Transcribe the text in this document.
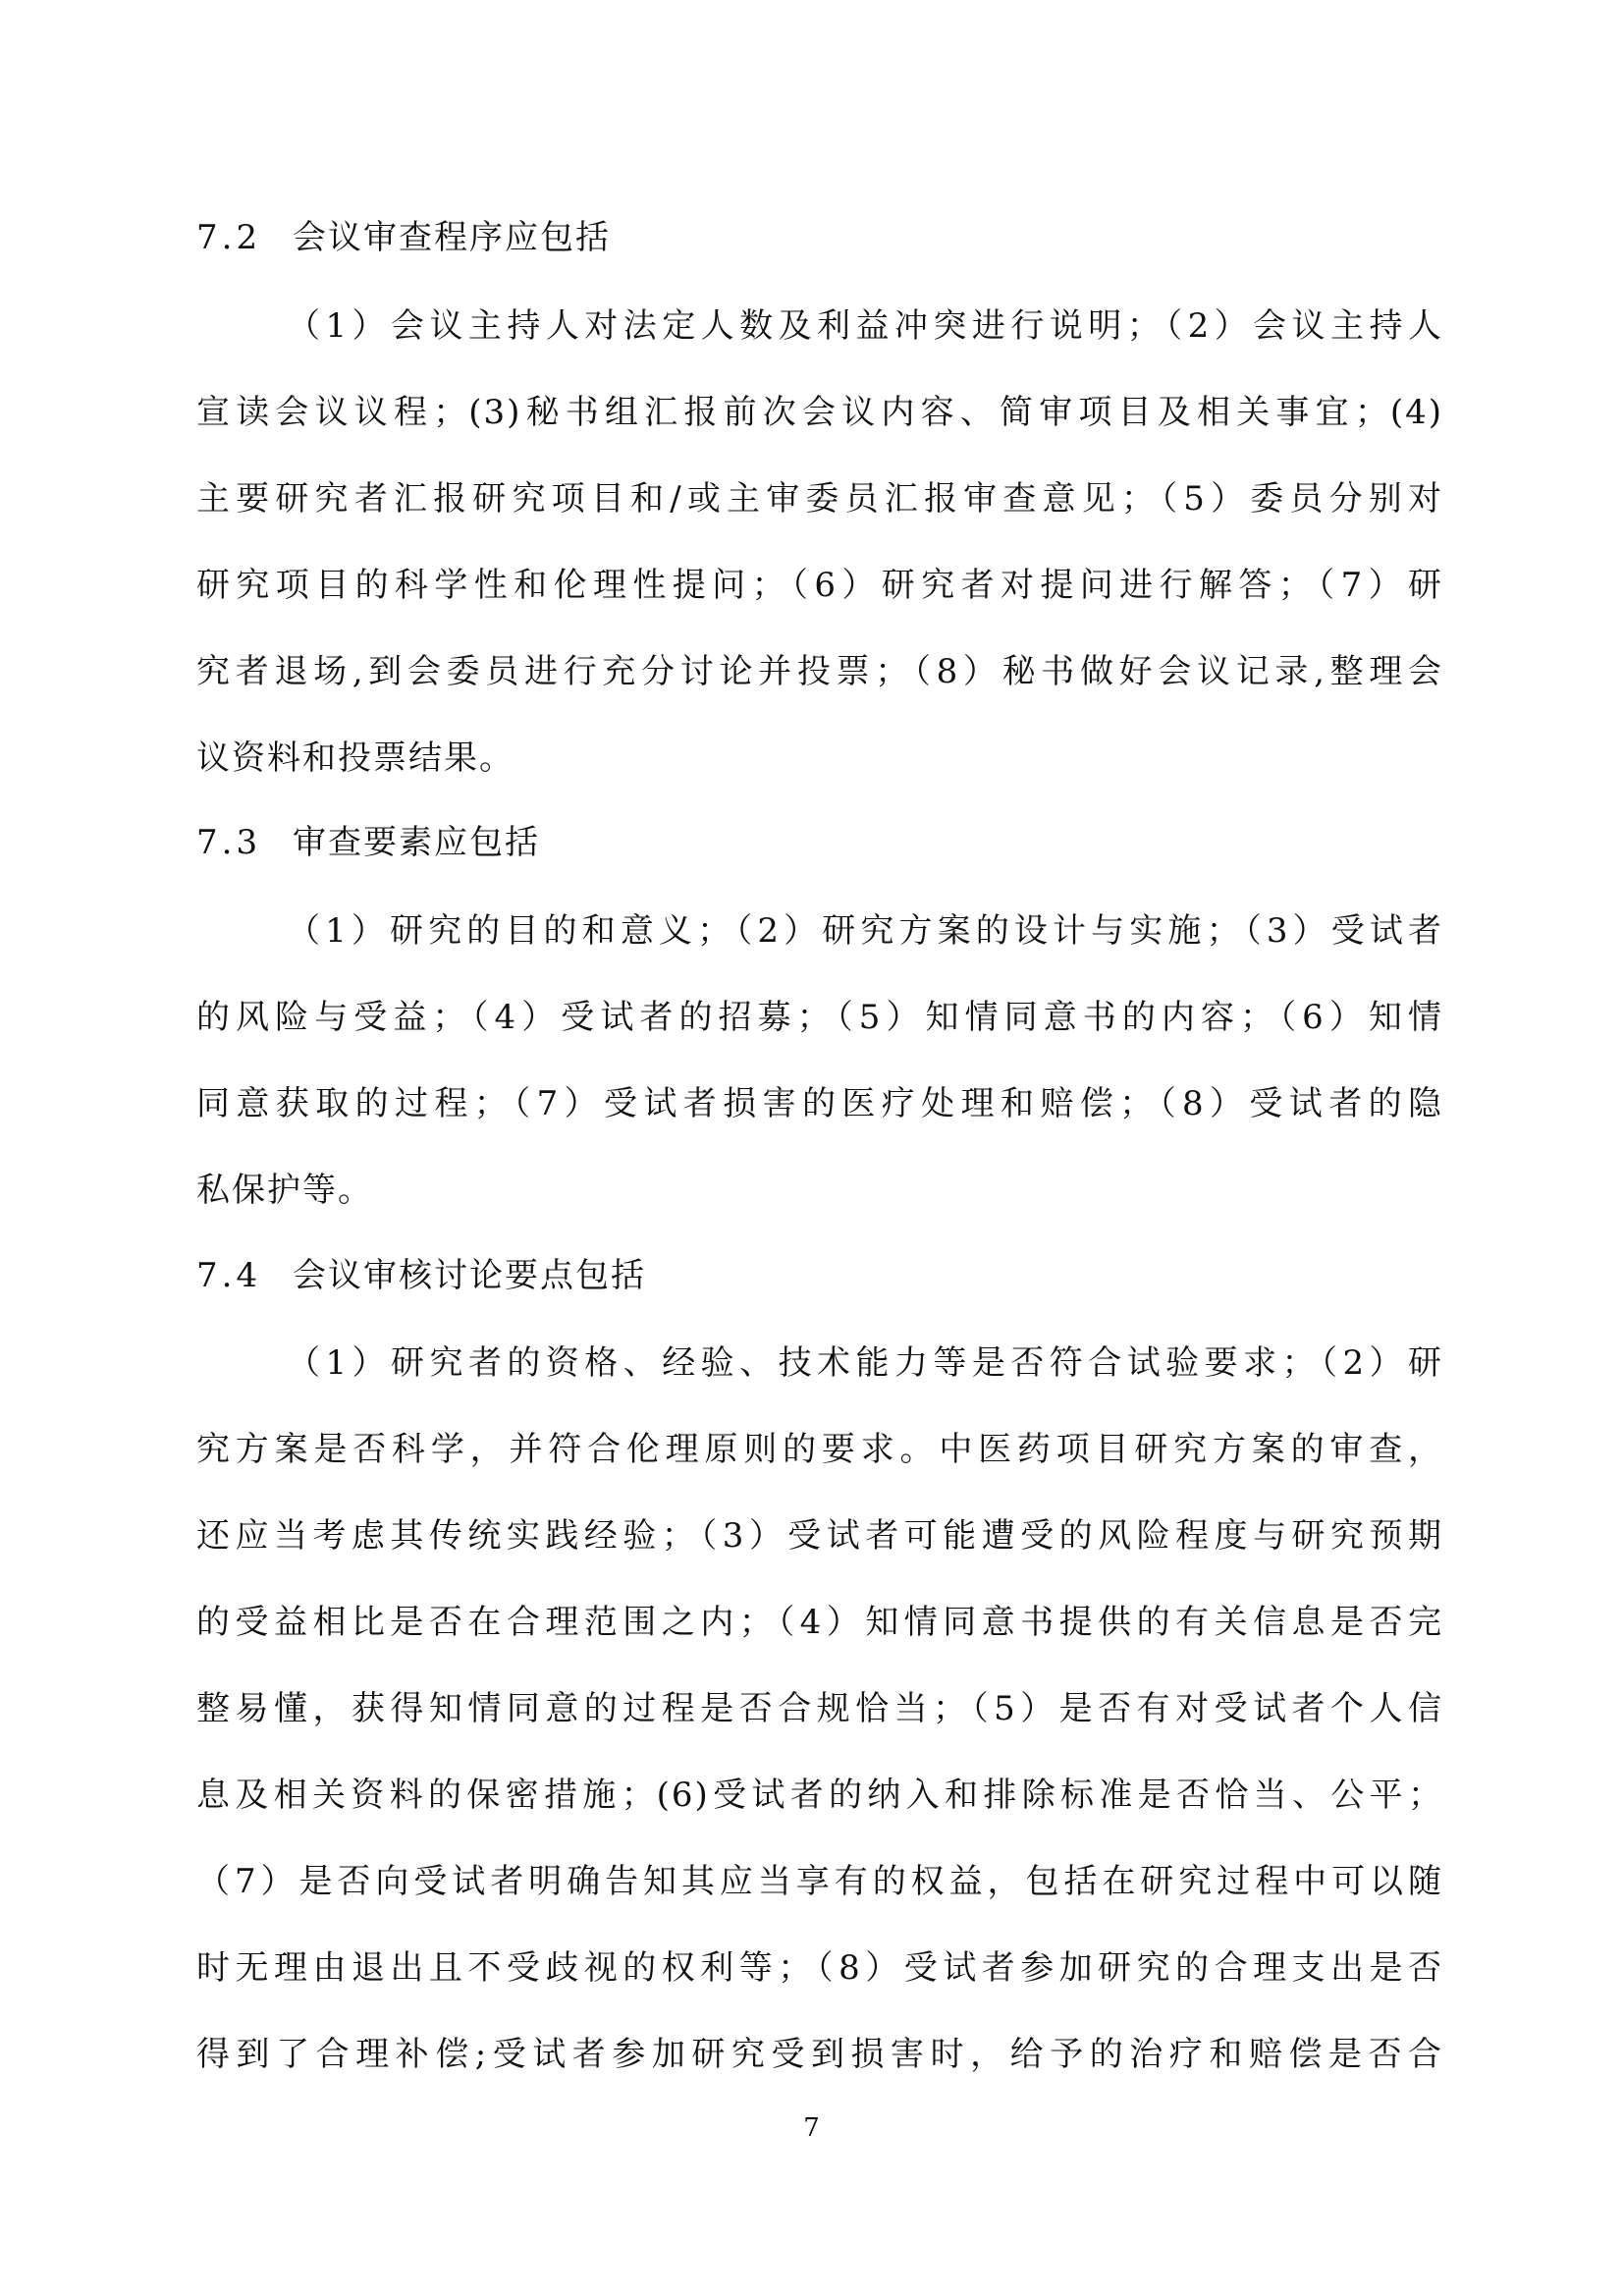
7.2 会议审查程序应包括
（1）会议主持人对法定人数及利益冲突进行说明；（2）会议主持人
宣读会议议程；(3)秘书组汇报前次会议内容、简审项目及相关事宜；(4)
主要研究者汇报研究项目和/或主审委员汇报审查意见；（5）委员分别对
研究项目的科学性和伦理性提问；（6）研究者对提问进行解答；（7）研
究者退场,到会委员进行充分讨论并投票；（8）秘书做好会议记录,整理会
议资料和投票结果。
7.3 审查要素应包括
（1）研究的目的和意义；（2）研究方案的设计与实施；（3）受试者
的风险与受益；（4）受试者的招募；（5）知情同意书的内容；（6）知情
同意获取的过程；（7）受试者损害的医疗处理和赔偿；（8）受试者的隐
私保护等。
7.4 会议审核讨论要点包括
（1）研究者的资格、经验、技术能力等是否符合试验要求；（2）研
究方案是否科学，并符合伦理原则的要求。中医药项目研究方案的审查，
还应当考虑其传统实践经验；（3）受试者可能遭受的风险程度与研究预期
的受益相比是否在合理范围之内；（4）知情同意书提供的有关信息是否完
整易懂，获得知情同意的过程是否合规恰当；（5）是否有对受试者个人信
息及相关资料的保密措施；(6)受试者的纳入和排除标准是否恰当、公平；
（7）是否向受试者明确告知其应当享有的权益，包括在研究过程中可以随
时无理由退出且不受歧视的权利等；（8）受试者参加研究的合理支出是否
得到了合理补偿;受试者参加研究受到损害时，给予的治疗和赔偿是否合
7
